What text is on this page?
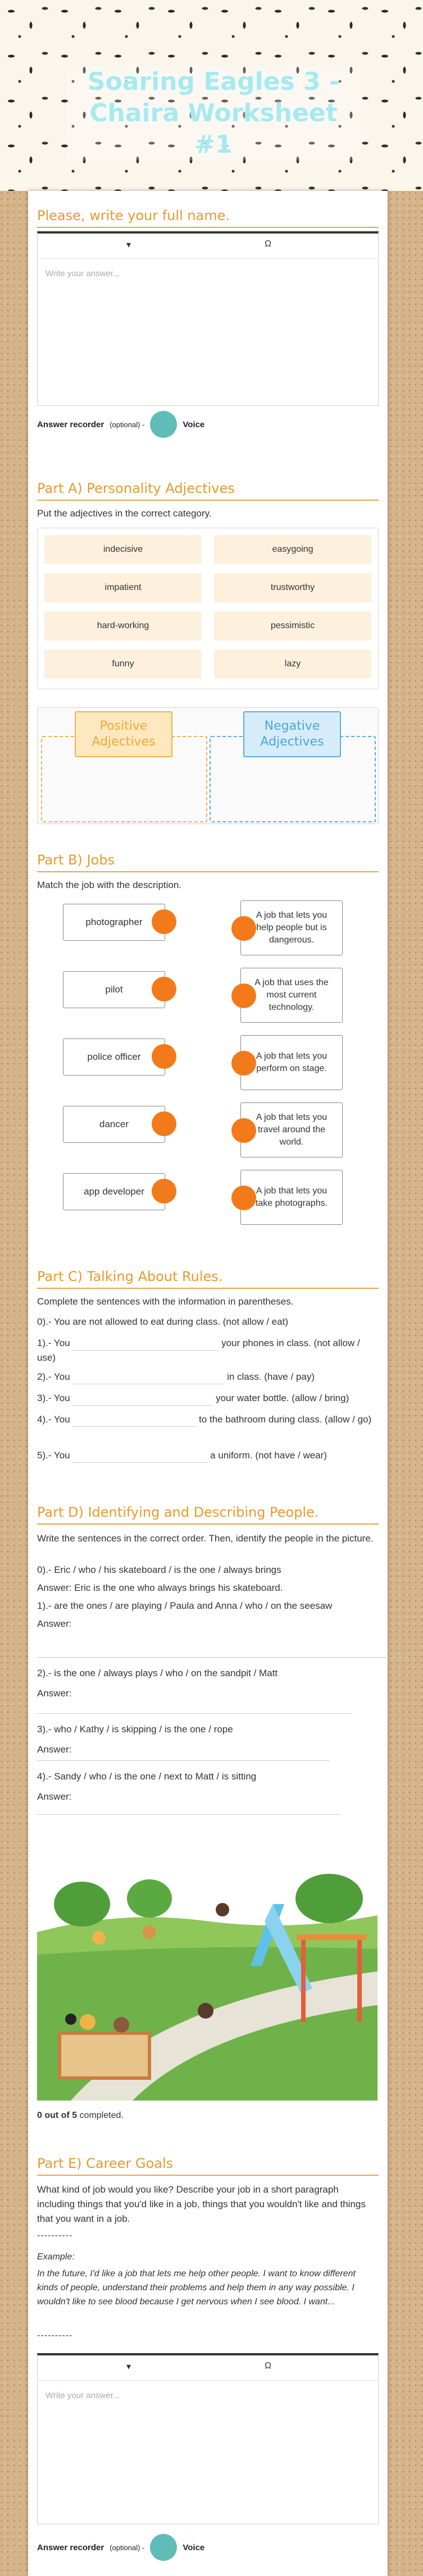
Soaring Eagles 3 - Chaira Worksheet #1
Please, write your full name.
▾	Ω
Write your answer...
Answer recorder (optional) -	Voice
Part A) Personality Adjectives
Put the adjectives in the correct category.
indecisive	easygoing
impatient	trustworthy
hard-working	pessimistic
funny	lazy
Positive Adjectives
Negative Adjectives
Part B) Jobs
Match the job with the description.
photographer
A job that lets you help people but is dangerous.
pilot
A job that uses the most current technology.
police officer	A job that lets you perform on stage.
dancer
A job that lets you travel around the world.
app developer	A job that lets you take photographs.
Part C) Talking About Rules.
Complete the sentences with the information in parentheses.
0).- You are not allowed to eat during class. (not allow / eat)
1).- You	your phones in class. (not allow / use)
2).- You	in class. (have / pay)
3).- You	your water bottle. (allow / bring)
4).- You	to the bathroom during class. (allow / go)
5).- You	a uniform. (not have / wear)
Part D) Identifying and Describing People.
Write the sentences in the correct order. Then, identify the people in the picture.
0).- Eric / who / his skateboard / is the one / always brings
Answer: Eric is the one who always brings his skateboard.
1).- are the ones / are playing / Paula and Anna / who / on the seesaw
Answer:
2).- is the one / always plays / who / on the sandpit / Matt
Answer:
3).- who / Kathy / is skipping / is the one / rope
Answer:
4).- Sandy / who / is the one / next to Matt / is sitting
Answer:
0 out of 5 completed.
Part E) Career Goals
What kind of job would you like? Describe your job in a short paragraph including things that you'd like in a job, things that you wouldn't like and things that you want in a job.
----------
Example:
In the future, I'd like a job that lets me help other people. I want to know different kinds of people, understand their problems and help them in any way possible. I wouldn't like to see blood because I get nervous when I see blood. I want...
----------
▾	Ω
Write your answer...
Answer recorder (optional) -	Voice
